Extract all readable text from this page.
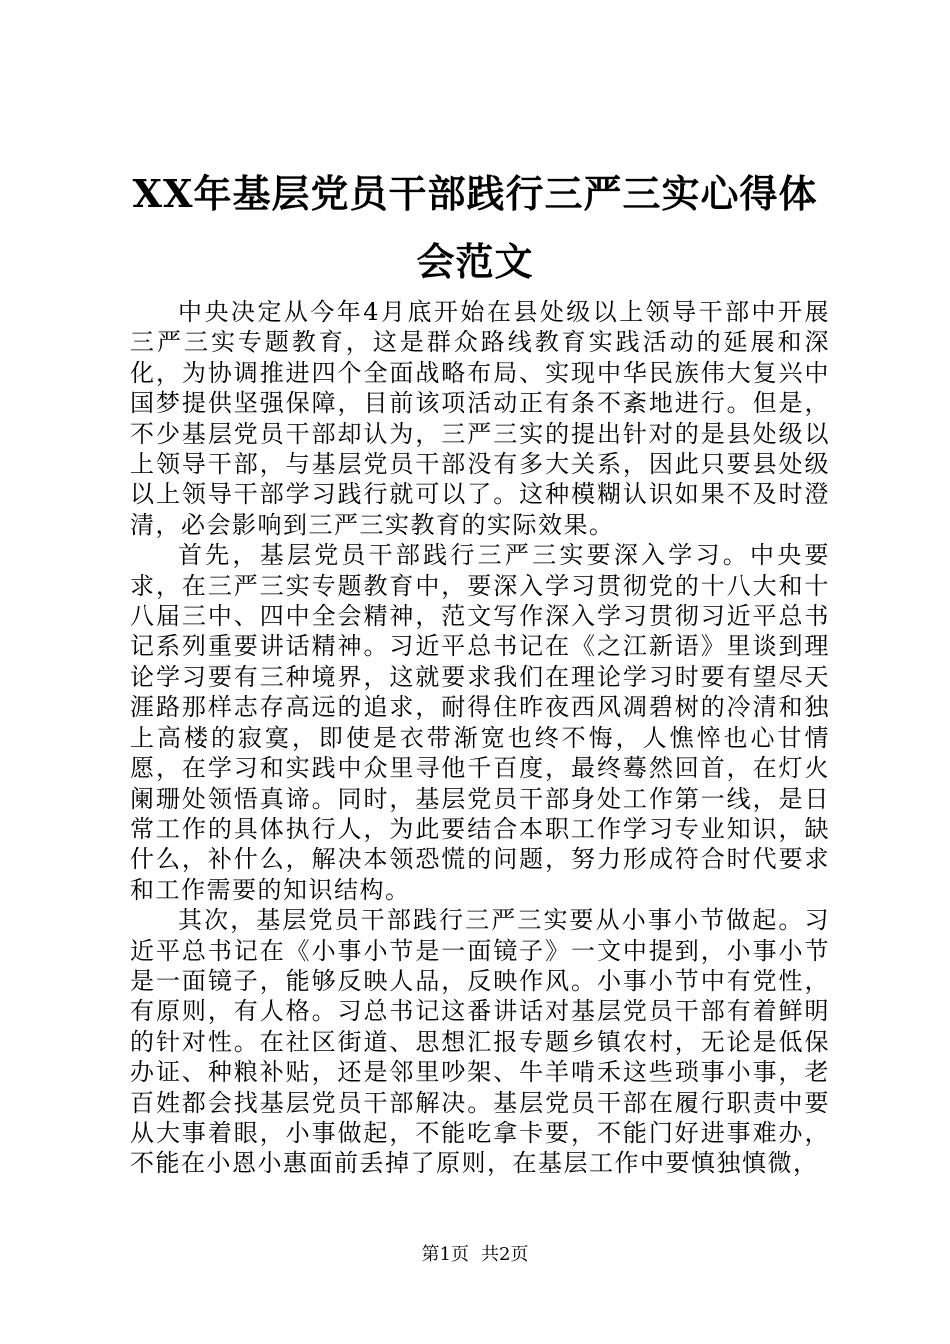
XX年基层党员干部践行三严三实心得体会范文

中央决定从今年4月底开始在县处级以上领导干部中开展三严三实专题教育，这是群众路线教育实践活动的延展和深化，为协调推进四个全面战略布局、实现中华民族伟大复兴中国梦提供坚强保障，目前该项活动正有条不紊地进行。但是，不少基层党员干部却认为，三严三实的提出针对的是县处级以上领导干部，与基层党员干部没有多大关系，因此只要县处级以上领导干部学习践行就可以了。这种模糊认识如果不及时澄清，必会影响到三严三实教育的实际效果。

首先，基层党员干部践行三严三实要深入学习。中央要求，在三严三实专题教育中，要深入学习贯彻党的十八大和十八届三中、四中全会精神，范文写作深入学习贯彻习近平总书记系列重要讲话精神。习近平总书记在《之江新语》里谈到理论学习要有三种境界，这就要求我们在理论学习时要有望尽天涯路那样志存高远的追求，耐得住昨夜西风凋碧树的冷清和独上高楼的寂寞，即使是衣带渐宽也终不悔，人憔悴也心甘情愿，在学习和实践中众里寻他千百度，最终蓦然回首，在灯火阑珊处领悟真谛。同时，基层党员干部身处工作第一线，是日常工作的具体执行人，为此要结合本职工作学习专业知识，缺什么，补什么，解决本领恐慌的问题，努力形成符合时代要求和工作需要的知识结构。

其次，基层党员干部践行三严三实要从小事小节做起。习近平总书记在《小事小节是一面镜子》一文中提到，小事小节是一面镜子，能够反映人品，反映作风。小事小节中有党性，有原则，有人格。习总书记这番讲话对基层党员干部有着鲜明的针对性。在社区街道、思想汇报专题乡镇农村，无论是低保办证、种粮补贴，还是邻里吵架、牛羊啃禾这些琐事小事，老百姓都会找基层党员干部解决。基层党员干部在履行职责中要从大事着眼，小事做起，不能吃拿卡要，不能门好进事难办，不能在小恩小惠面前丢掉了原则，在基层工作中要慎独慎微，

第1页 共2页
